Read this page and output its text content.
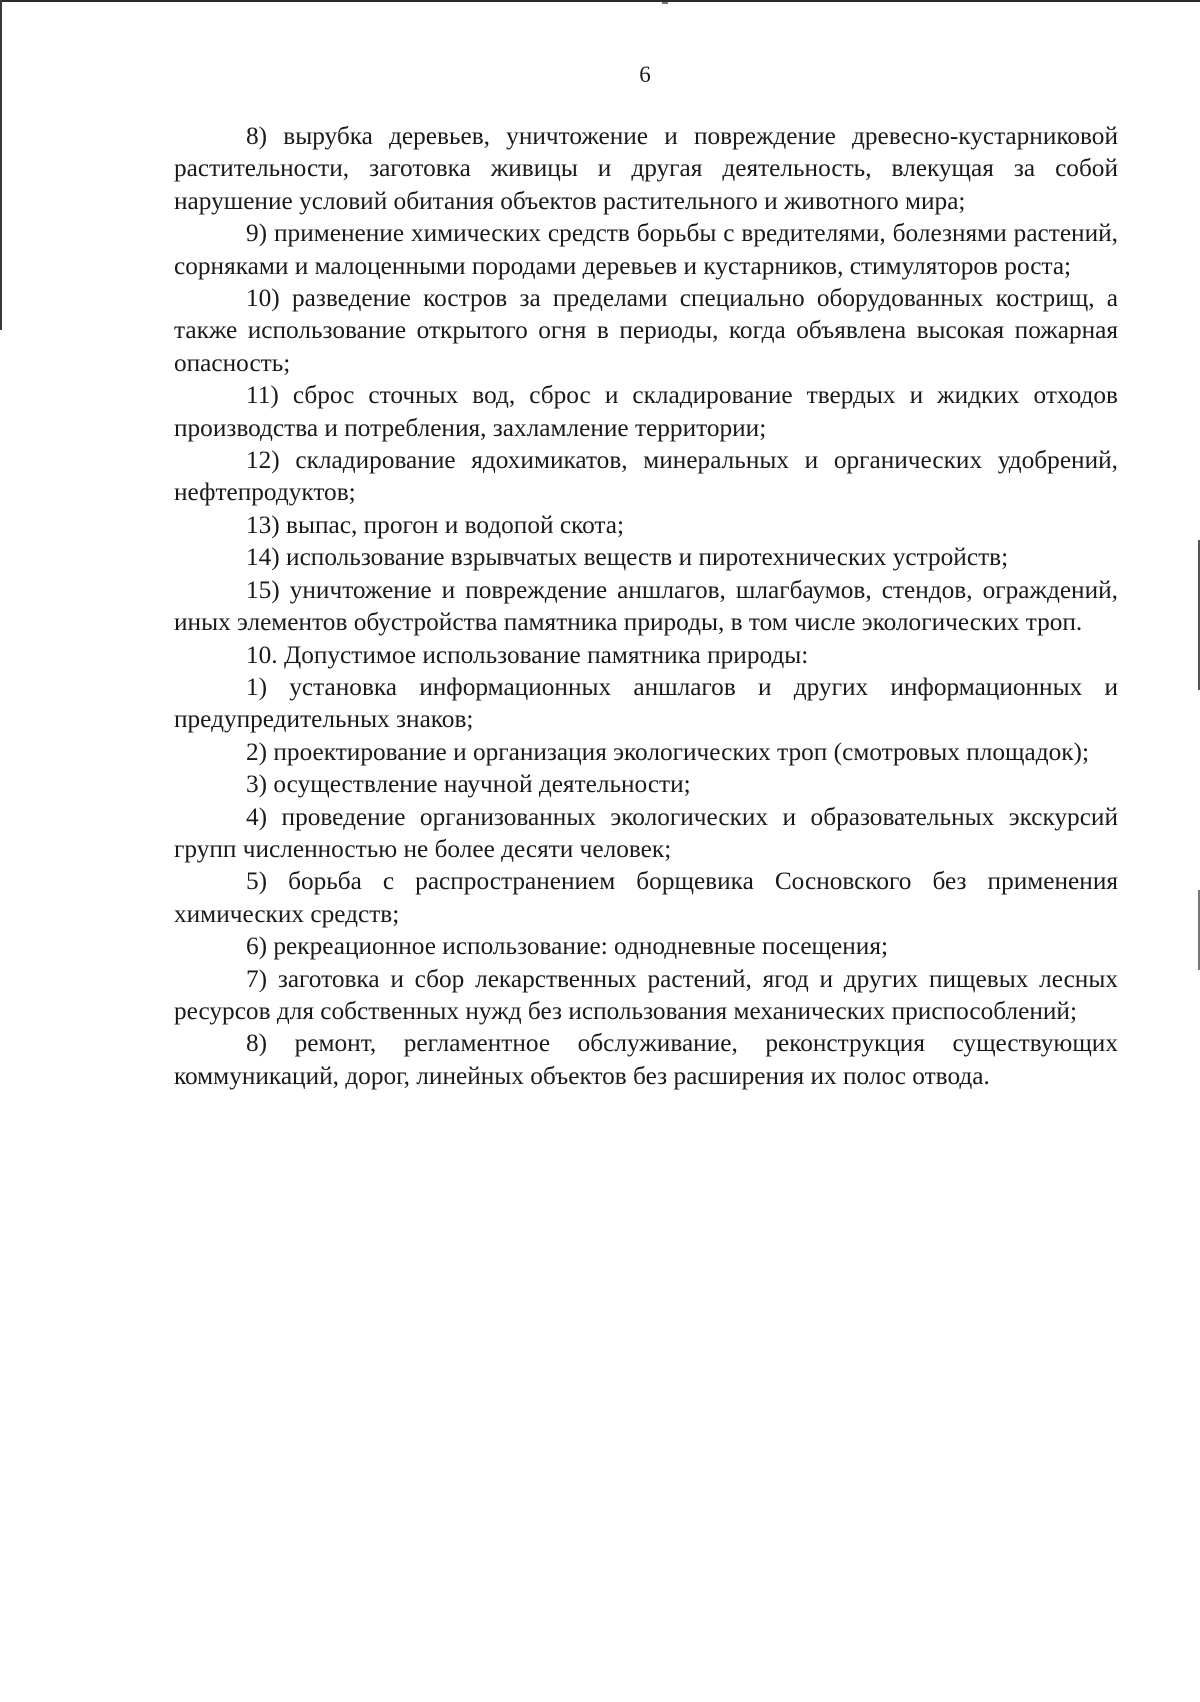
6

8) вырубка деревьев, уничтожение и повреждение древесно-кустарниковой растительности, заготовка живицы и другая деятельность, влекущая за собой нарушение условий обитания объектов растительного и животного мира;

9) применение химических средств борьбы с вредителями, болезнями растений, сорняками и малоценными породами деревьев и кустарников, стимуляторов роста;

10) разведение костров за пределами специально оборудованных кострищ, а также использование открытого огня в периоды, когда объявлена высокая пожарная опасность;

11) сброс сточных вод, сброс и складирование твердых и жидких отходов производства и потребления, захламление территории;

12) складирование ядохимикатов, минеральных и органических удобрений, нефтепродуктов;

13) выпас, прогон и водопой скота;

14) использование взрывчатых веществ и пиротехнических устройств;

15) уничтожение и повреждение аншлагов, шлагбаумов, стендов, ограждений, иных элементов обустройства памятника природы, в том числе экологических троп.

10. Допустимое использование памятника природы:

1) установка информационных аншлагов и других информационных и предупредительных знаков;

2) проектирование и организация экологических троп (смотровых площадок);

3) осуществление научной деятельности;

4) проведение организованных экологических и образовательных экскурсий групп численностью не более десяти человек;

5) борьба с распространением борщевика Сосновского без применения химических средств;

6) рекреационное использование: однодневные посещения;

7) заготовка и сбор лекарственных растений, ягод и других пищевых лесных ресурсов для собственных нужд без использования механических приспособлений;

8) ремонт, регламентное обслуживание, реконструкция существующих коммуникаций, дорог, линейных объектов без расширения их полос отвода.
